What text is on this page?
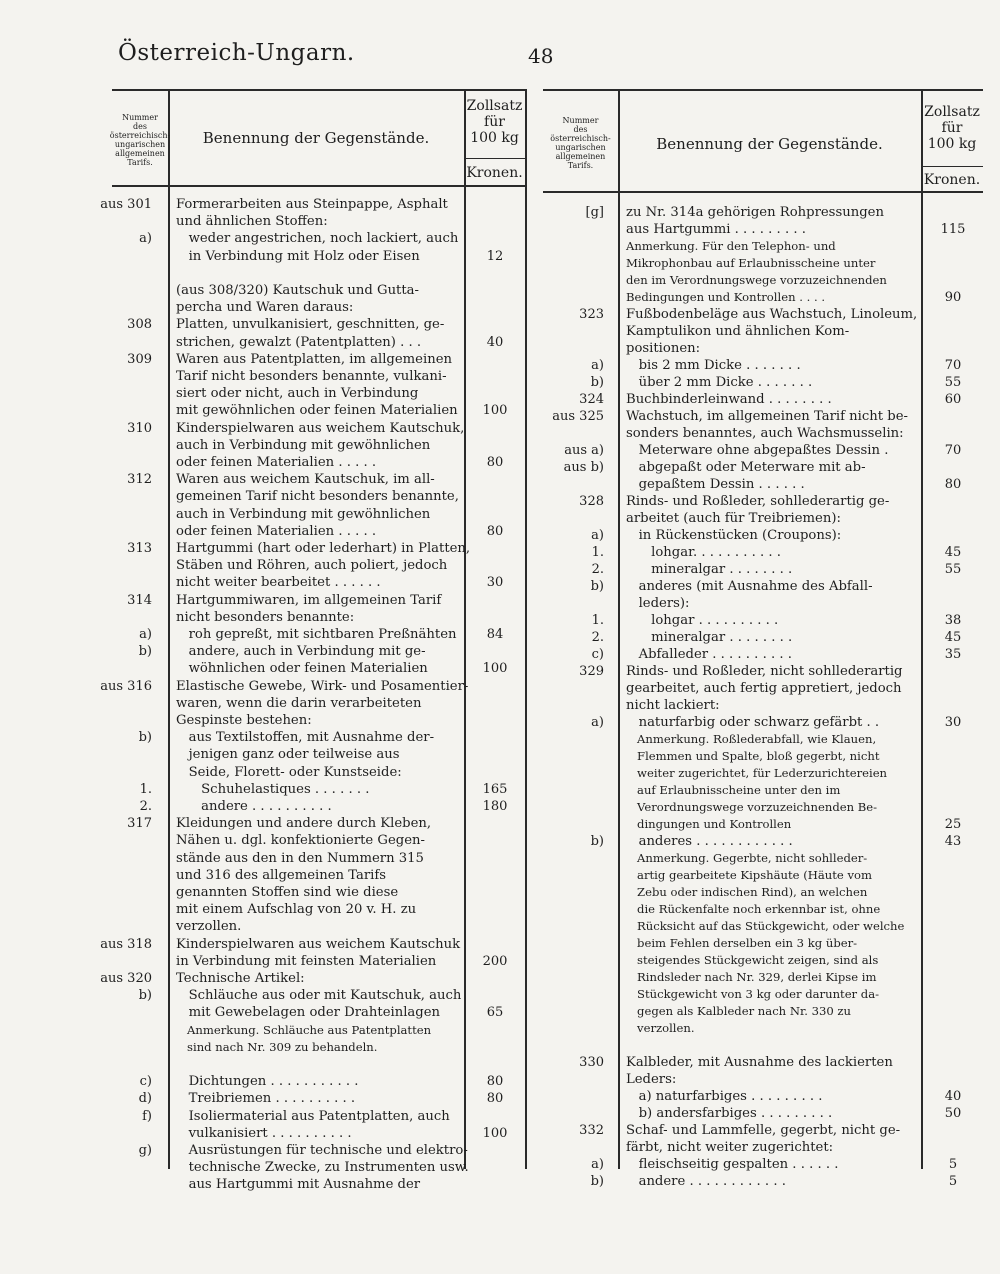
Österreich-Ungarn.	48
Nummer
des
österreichisch-
ungarischen
allgemeinen
Tarifs.
Benennung der Gegenstände.
Zollsatz
für
100 kg
Kronen.
aus 301 Formerarbeiten aus Steinpappe, Asphalt
und ähnlichen Stoffen:
a) weder angestrichen, noch lackiert, auch
in Verbindung mit Holz oder Eisen	12
(aus 308/320) Kautschuk und Gutta-
percha und Waren daraus:
308 Platten, unvulkanisiert, geschnitten, ge-
strichen, gewalzt (Patentplatten) . . .	40
309 Waren aus Patentplatten, im allgemeinen
Tarif nicht besonders benannte, vulkani-
siert oder nicht, auch in Verbindung
mit gewöhnlichen oder feinen Materialien	100
310 Kinderspielwaren aus weichem Kautschuk,
auch in Verbindung mit gewöhnlichen
oder feinen Materialien . . . . .	80
312 Waren aus weichem Kautschuk, im all-
gemeinen Tarif nicht besonders benannte,
auch in Verbindung mit gewöhnlichen
oder feinen Materialien . . . . .	80
313 Hartgummi (hart oder lederhart) in Platten,
Stäben und Röhren, auch poliert, jedoch
nicht weiter bearbeitet . . . . . .	30
314 Hartgummiwaren, im allgemeinen Tarif
nicht besonders benannte:
a) roh gepreßt, mit sichtbaren Preßnähten	84
b) andere, auch in Verbindung mit ge-
wöhnlichen oder feinen Materialien	100
aus 316 Elastische Gewebe, Wirk- und Posamentier-
waren, wenn die darin verarbeiteten
Gespinste bestehen:
b) aus Textilstoffen, mit Ausnahme der-
jenigen ganz oder teilweise aus
Seide, Florett- oder Kunstseide:
1. Schuhelastiques . . . . . . .	165
2. andere . . . . . . . . . .	180
317 Kleidungen und andere durch Kleben,
Nähen u. dgl. konfektionierte Gegen-
stände aus den in den Nummern 315
und 316 des allgemeinen Tarifs
genannten Stoffen sind wie diese
mit einem Aufschlag von 20 v. H. zu
verzollen.
aus 318 Kinderspielwaren aus weichem Kautschuk
in Verbindung mit feinsten Materialien	200
aus 320 Technische Artikel:
b) Schläuche aus oder mit Kautschuk, auch
mit Gewebelagen oder Drahteinlagen	65
Anmerkung. Schläuche aus Patentplatten
sind nach Nr. 309 zu behandeln.
c) Dichtungen . . . . . . . . . . .	80
d) Treibriemen . . . . . . . . . .	80
f) Isoliermaterial aus Patentplatten, auch
vulkanisiert . . . . . . . . . .	100
g) Ausrüstungen für technische und elektro-
technische Zwecke, zu Instrumenten usw.
aus Hartgummi mit Ausnahme der
Nummer
des
österreichisch-
ungarischen
allgemeinen
Tarifs.
Benennung der Gegenstände.
Zollsatz
für
100 kg
Kronen.
[g] zu Nr. 314a gehörigen Rohpressungen
aus Hartgummi . . . . . . . . .	115
Anmerkung. Für den Telephon- und
Mikrophonbau auf Erlaubnisscheine unter
den im Verordnungswege vorzuzeichnenden
Bedingungen und Kontrollen . . . .	90
323 Fußbodenbeläge aus Wachstuch, Linoleum,
Kamptulikon und ähnlichen Kom-
positionen:
a) bis 2 mm Dicke . . . . . . .	70
b) über 2 mm Dicke . . . . . . .	55
324 Buchbinderleinwand . . . . . . . .	60
aus 325 Wachstuch, im allgemeinen Tarif nicht be-
sonders benanntes, auch Wachsmusselin:
aus a) Meterware ohne abgepaßtes Dessin .	70
aus b) abgepaßt oder Meterware mit ab-
gepaßtem Dessin . . . . . .	80
328 Rinds- und Roßleder, sohllederartig ge-
arbeitet (auch für Treibriemen):
a) in Rückenstücken (Croupons):
1. lohgar. . . . . . . . . . .	45
2. mineralgar . . . . . . . .	55
b) anderes (mit Ausnahme des Abfall-
leders):
1. lohgar . . . . . . . . . .	38
2. mineralgar . . . . . . . .	45
c) Abfalleder . . . . . . . . . .	35
329 Rinds- und Roßleder, nicht sohllederartig
gearbeitet, auch fertig appretiert, jedoch
nicht lackiert:
a) naturfarbig oder schwarz gefärbt . .	30
Anmerkung. Roßlederabfall, wie Klauen,
Flemmen und Spalte, bloß gegerbt, nicht
weiter zugerichtet, für Lederzurichtereien
auf Erlaubnisscheine unter den im
Verordnungswege vorzuzeichnenden Be-
dingungen und Kontrollen	25
b) anderes . . . . . . . . . . . .	43
Anmerkung. Gegerbte, nicht sohlleder-
artig gearbeitete Kipshäute (Häute vom
Zebu oder indischen Rind), an welchen
die Rückenfalte noch erkennbar ist, ohne
Rücksicht auf das Stückgewicht, oder welche
beim Fehlen derselben ein 3 kg über-
steigendes Stückgewicht zeigen, sind als
Rindsleder nach Nr. 329, derlei Kipse im
Stückgewicht von 3 kg oder darunter da-
gegen als Kalbleder nach Nr. 330 zu
verzollen.
330 Kalbleder, mit Ausnahme des lackierten
Leders:
a) naturfarbiges . . . . . . . . .	40
b) andersfarbiges . . . . . . . . .	50
332 Schaf- und Lammfelle, gegerbt, nicht ge-
färbt, nicht weiter zugerichtet:
a) fleischseitig gespalten . . . . . .	5
b) andere . . . . . . . . . . . .	5
